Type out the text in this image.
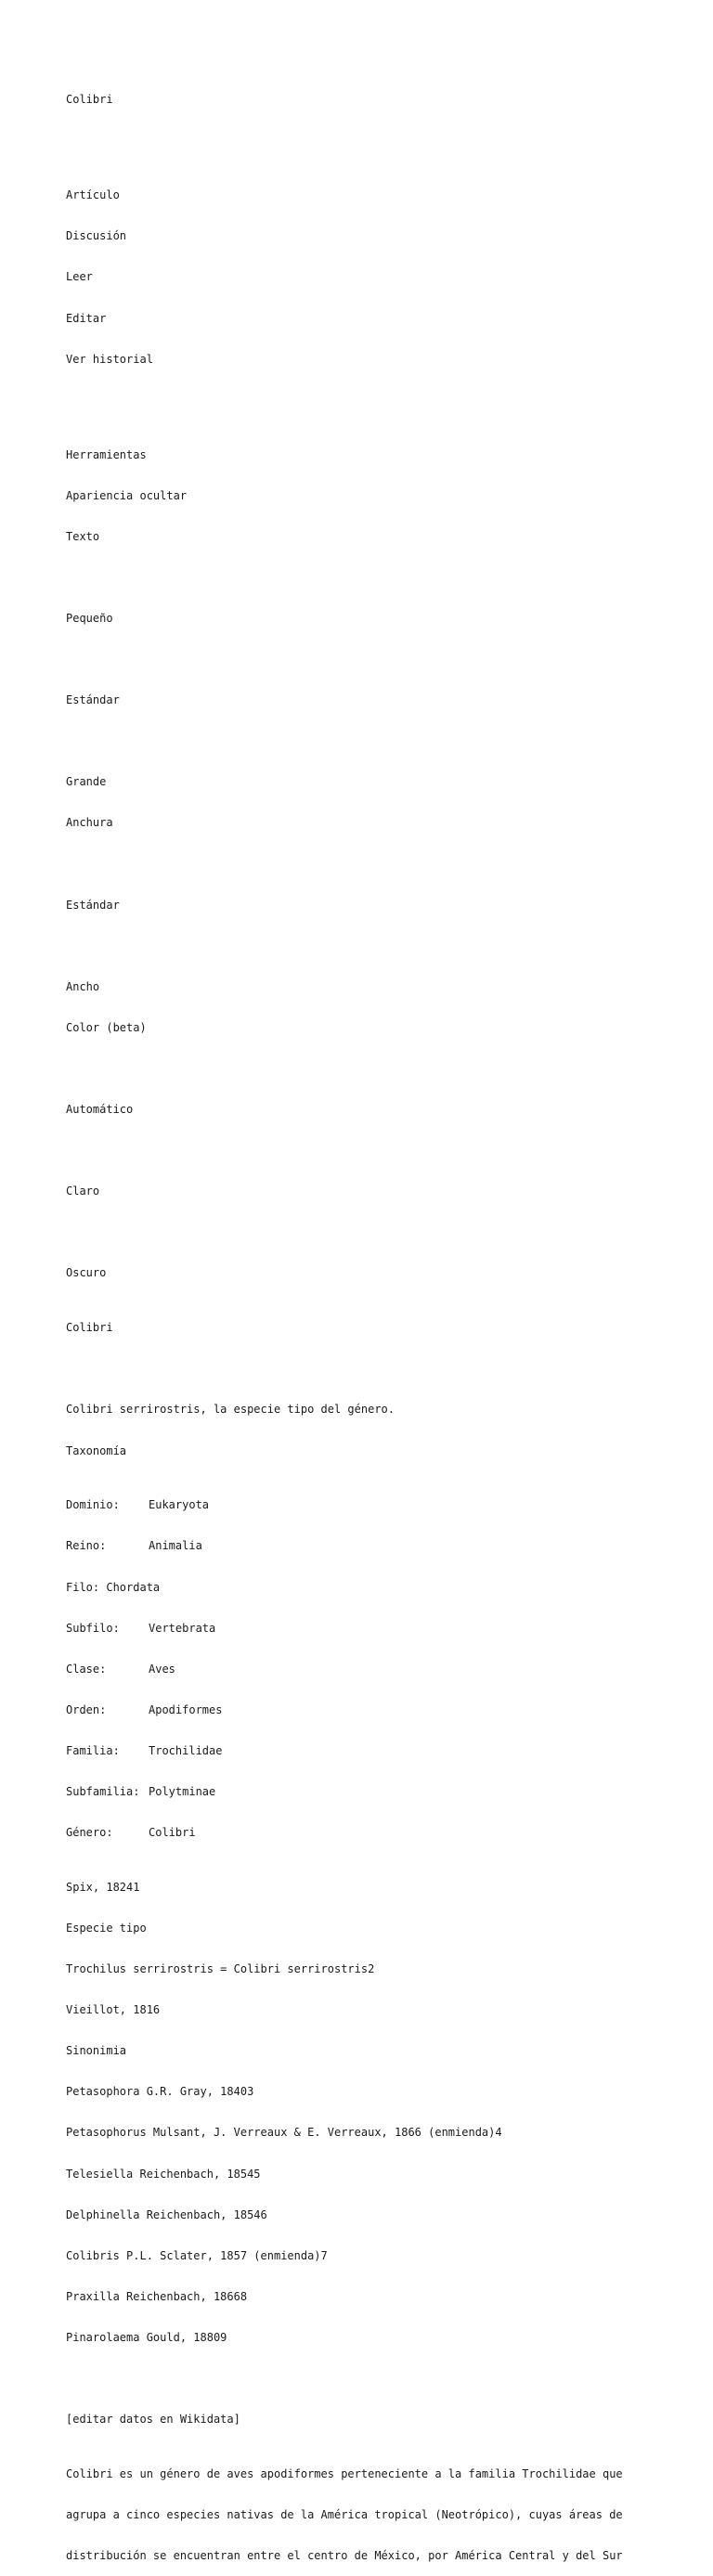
Colibri

Artículo

Discusión

Leer

Editar

Ver historial

Herramientas

Apariencia ocultar

Texto

Pequeño

Estándar

Grande

Anchura

Estándar

Ancho

Color (beta)

Automático

Claro

Oscuro

Colibri

Colibri serrirostris, la especie tipo del género.

Taxonomía

Dominio:	Eukaryota

Reino:	Animalia

Filo: Chordata

Subfilo:	Vertebrata

Clase:	Aves

Orden:	Apodiformes

Familia:	Trochilidae

Subfamilia: Polytminae

Género:	Colibri

Spix, 18241

Especie tipo

Trochilus serrirostris = Colibri serrirostris2

Vieillot, 1816

Sinonimia

Petasophora G.R. Gray, 18403

Petasophorus Mulsant, J. Verreaux & E. Verreaux, 1866 (enmienda)4

Telesiella Reichenbach, 18545

Delphinella Reichenbach, 18546

Colibris P.L. Sclater, 1857 (enmienda)7

Praxilla Reichenbach, 18668

Pinarolaema Gould, 18809

[editar datos en Wikidata]

Colibri es un género de aves apodiformes perteneciente a la familia Trochilidae que

agrupa a cinco especies nativas de la América tropical (Neotrópico), cuyas áreas de

distribución se encuentran entre el centro de México, por América Central y del Sur
